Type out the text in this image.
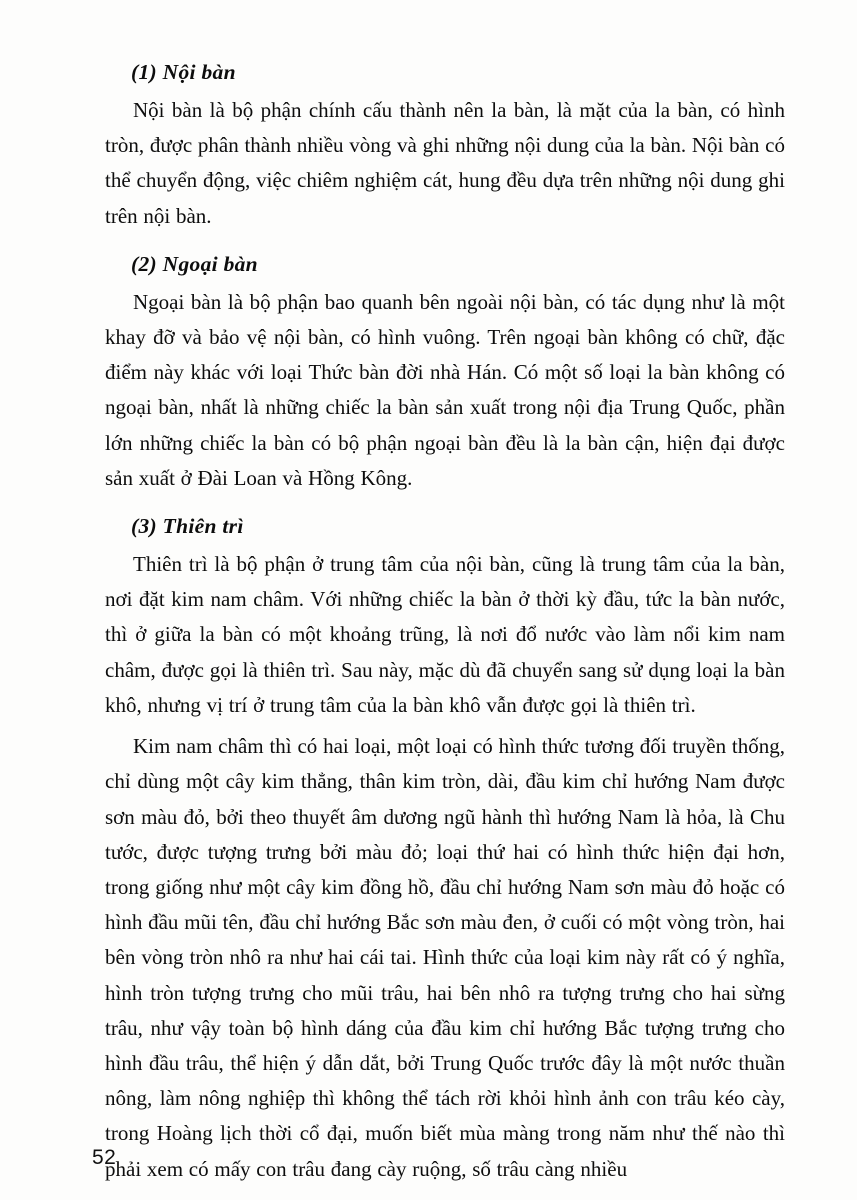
(1) Nội bàn

Nội bàn là bộ phận chính cấu thành nên la bàn, là mặt của la bàn, có hình tròn, được phân thành nhiều vòng và ghi những nội dung của la bàn. Nội bàn có thể chuyển động, việc chiêm nghiệm cát, hung đều dựa trên những nội dung ghi trên nội bàn.

(2) Ngoại bàn

Ngoại bàn là bộ phận bao quanh bên ngoài nội bàn, có tác dụng như là một khay đỡ và bảo vệ nội bàn, có hình vuông. Trên ngoại bàn không có chữ, đặc điểm này khác với loại Thức bàn đời nhà Hán. Có một số loại la bàn không có ngoại bàn, nhất là những chiếc la bàn sản xuất trong nội địa Trung Quốc, phần lớn những chiếc la bàn có bộ phận ngoại bàn đều là la bàn cận, hiện đại được sản xuất ở Đài Loan và Hồng Kông.

(3) Thiên trì

Thiên trì là bộ phận ở trung tâm của nội bàn, cũng là trung tâm của la bàn, nơi đặt kim nam châm. Với những chiếc la bàn ở thời kỳ đầu, tức la bàn nước, thì ở giữa la bàn có một khoảng trũng, là nơi đổ nước vào làm nổi kim nam châm, được gọi là thiên trì. Sau này, mặc dù đã chuyển sang sử dụng loại la bàn khô, nhưng vị trí ở trung tâm của la bàn khô vẫn được gọi là thiên trì.

Kim nam châm thì có hai loại, một loại có hình thức tương đối truyền thống, chỉ dùng một cây kim thẳng, thân kim tròn, dài, đầu kim chỉ hướng Nam được sơn màu đỏ, bởi theo thuyết âm dương ngũ hành thì hướng Nam là hỏa, là Chu tước, được tượng trưng bởi màu đỏ; loại thứ hai có hình thức hiện đại hơn, trong giống như một cây kim đồng hồ, đầu chỉ hướng Nam sơn màu đỏ hoặc có hình đầu mũi tên, đầu chỉ hướng Bắc sơn màu đen, ở cuối có một vòng tròn, hai bên vòng tròn nhô ra như hai cái tai. Hình thức của loại kim này rất có ý nghĩa, hình tròn tượng trưng cho mũi trâu, hai bên nhô ra tượng trưng cho hai sừng trâu, như vậy toàn bộ hình dáng của đầu kim chỉ hướng Bắc tượng trưng cho hình đầu trâu, thể hiện ý dẫn dắt, bởi Trung Quốc trước đây là một nước thuần nông, làm nông nghiệp thì không thể tách rời khỏi hình ảnh con trâu kéo cày, trong Hoàng lịch thời cổ đại, muốn biết mùa màng trong năm như thế nào thì phải xem có mấy con trâu đang cày ruộng, số trâu càng nhiều

52
